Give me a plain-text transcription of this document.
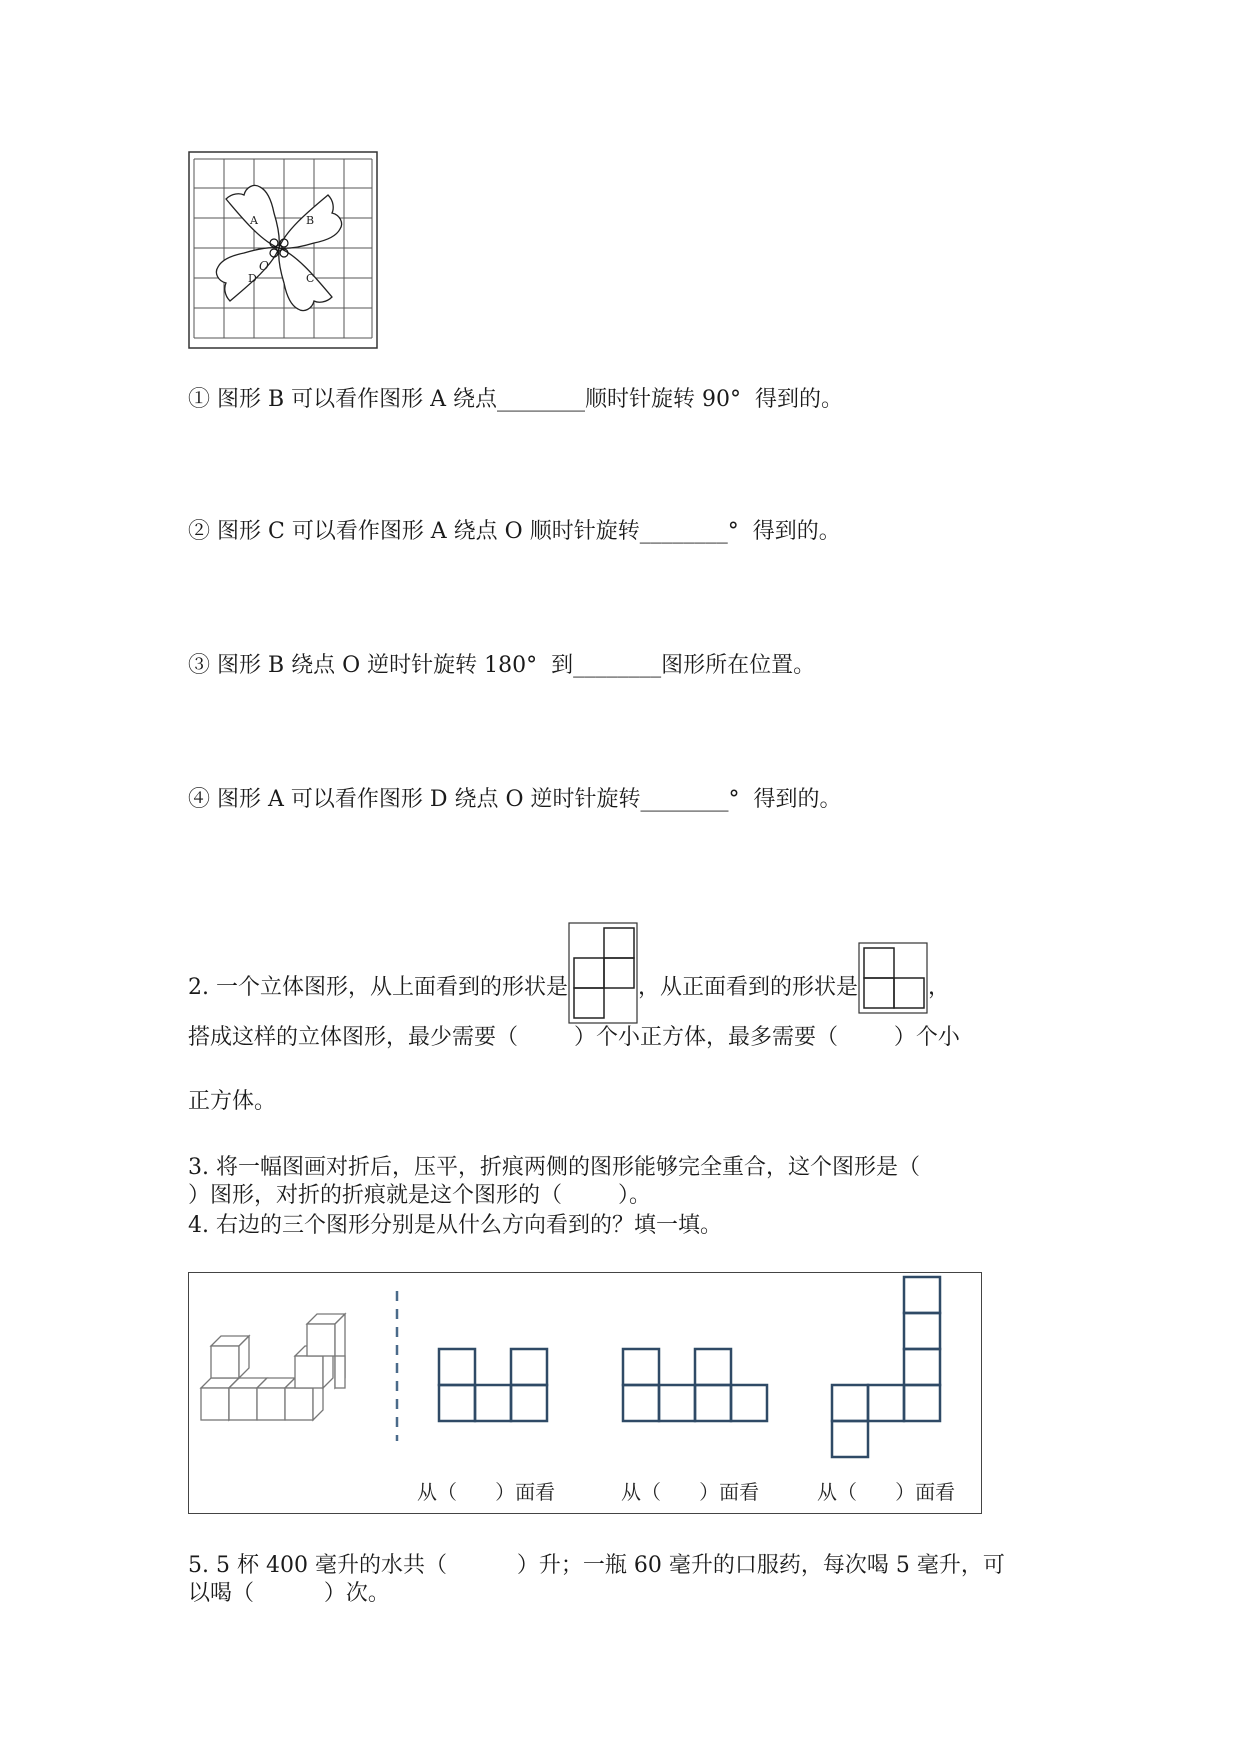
A	B
C
D
O
① 图形 B 可以看作图形 A 绕点________顺时针旋转 90°  得到的。
② 图形 C 可以看作图形 A 绕点 O 顺时针旋转________°  得到的。
③ 图形 B 绕点 O 逆时针旋转 180°  到________图形所在位置。
④ 图形 A 可以看作图形 D 绕点 O 逆时针旋转________°  得到的。
2. 一个立体图形，从上面看到的形状是	，从正面看到的形状是	，
搭成这样的立体图形，最少需要（        ）个小正方体，最多需要（        ）个小
正方体。
3. 将一幅图画对折后，压平，折痕两侧的图形能够完全重合，这个图形是（
）图形，对折的折痕就是这个图形的（        ）。
4. 右边的三个图形分别是从什么方向看到的？填一填。
从（      ）面看	从（      ）面看	从（      ）面看
5. 5 杯 400 毫升的水共（          ）升；一瓶 60 毫升的口服药，每次喝 5 毫升，可
以喝（          ）次。
